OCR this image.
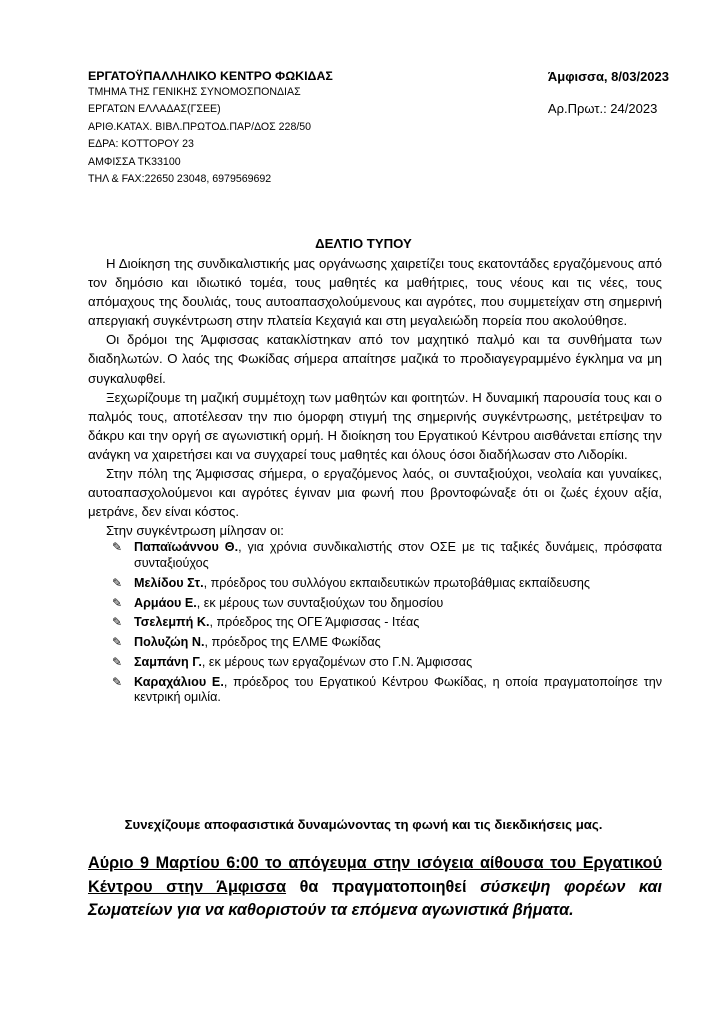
ΕΡΓΑΤΟΫΠΑΛΛΗΛΙΚΟ ΚΕΝΤΡΟ ΦΩΚΙΔΑΣ
ΤΜΗΜΑ ΤΗΣ ΓΕΝΙΚΗΣ ΣΥΝΟΜΟΣΠΟΝΔΙΑΣ
ΕΡΓΑΤΩΝ ΕΛΛΑΔΑΣ(ΓΣΕΕ)
ΑΡΙΘ.ΚΑΤΑΧ. ΒΙΒΛ.ΠΡΩΤΟΔ.ΠΑΡ/ΔΟΣ 228/50
ΕΔΡΑ: ΚΟΤΤΟΡΟΥ 23
ΑΜΦΙΣΣΑ ΤΚ33100
ΤΗΛ & FAX:22650 23048, 6979569692
Άμφισσα, 8/03/2023
Αρ.Πρωτ.: 24/2023
ΔΕΛΤΙΟ ΤΥΠΟΥ

Η Διοίκηση της συνδικαλιστικής μας οργάνωσης χαιρετίζει τους εκατοντάδες εργαζόμενους από τον δημόσιο και ιδιωτικό τομέα, τους μαθητές κα μαθήτριες, τους νέους και τις νέες, τους απόμαχους της δουλιάς, τους αυτοαπασχολούμενους και αγρότες, που συμμετείχαν στη σημερινή απεργιακή συγκέντρωση στην πλατεία Κεχαγιά και στη μεγαλειώδη πορεία που ακολούθησε.

Οι δρόμοι της Άμφισσας κατακλίστηκαν από τον μαχητικό παλμό και τα συνθήματα των διαδηλωτών. Ο λαός της Φωκίδας σήμερα απαίτησε μαζικά το προδιαγεγραμμένο έγκλημα να μη συγκαλυφθεί.

Ξεχωρίζουμε τη μαζική συμμέτοχη των μαθητών και φοιτητών. Η δυναμική παρουσία τους και ο παλμός τους, αποτέλεσαν την πιο όμορφη στιγμή της σημερινής συγκέντρωσης, μετέτρεψαν το δάκρυ και την οργή σε αγωνιστική ορμή. Η διοίκηση του Εργατικού Κέντρου αισθάνεται επίσης την ανάγκη να χαιρετήσει και να συγχαρεί τους μαθητές και όλους όσοι διαδήλωσαν στο Λιδορίκι.

Στην πόλη της Άμφισσας σήμερα, ο εργαζόμενος λαός, οι συνταξιούχοι, νεολαία και γυναίκες, αυτοαπασχολούμενοι και αγρότες έγιναν μια φωνή που βροντοφώναξε ότι οι ζωές έχουν αξία, μετράνε, δεν είναι κόστος.

Στην συγκέντρωση μίλησαν οι:

✎ Παπαϊωάννου Θ., για χρόνια συνδικαλιστής στον ΟΣΕ με τις ταξικές δυνάμεις, πρόσφατα συνταξιούχος
✎ Μελίδου Στ., πρόεδρος του συλλόγου εκπαιδευτικών πρωτοβάθμιας εκπαίδευσης
✎ Αρμάου Ε., εκ μέρους των συνταξιούχων του δημοσίου
✎ Τσελεμπή Κ., πρόεδρος της ΟΓΕ Άμφισσας - Ιτέας
✎ Πολυζώη Ν., πρόεδρος της ΕΛΜΕ Φωκίδας
✎ Σαμπάνη Γ., εκ μέρους των εργαζομένων στο Γ.Ν. Άμφισσας
✎ Καραχάλιου Ε., πρόεδρος του Εργατικού Κέντρου Φωκίδας, η οποία πραγματοποίησε την κεντρική ομιλία.
Συνεχίζουμε αποφασιστικά δυναμώνοντας τη φωνή και τις διεκδικήσεις μας.
Αύριο 9 Μαρτίου 6:00 το απόγευμα στην ισόγεια αίθουσα του Εργατικού Κέντρου στην Άμφισσα θα πραγματοποιηθεί σύσκεψη φορέων και Σωματείων για να καθοριστούν τα επόμενα αγωνιστικά βήματα.
